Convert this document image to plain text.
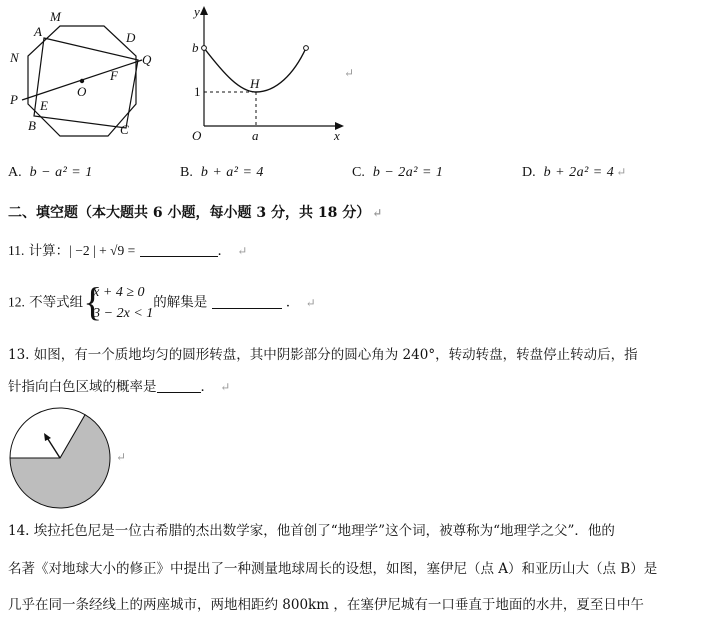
M
A	D
Q
N
F
O
P E
B	C
y
b
1
H
O	a	x
↵
A. b − a² = 1	B. b + a² = 4	C. b − 2a² = 1	D. b + 2a² = 4 ↵
二、填空题（本大题共 6 小题，每小题 3 分，共 18 分） ↵
11. 计算：| −2 | + √9 =	． ↵
12. 不等式组 {
x + 4 ≥ 0
3 − 2x < 1
的解集是	． ↵
13. 如图，有一个质地均匀的圆形转盘，其中阴影部分的圆心角为 240°，转动转盘，转盘停止转动后，指
针指向白色区域的概率是	． ↵
↵
14. 埃拉托色尼是一位古希腊的杰出数学家，他首创了“地理学”这个词，被尊称为“地理学之父”．他的
名著《对地球大小的修正》中提出了一种测量地球周长的设想，如图，塞伊尼（点 A）和亚历山大（点 B）是
几乎在同一条经线上的两座城市，两地相距约 800km ，在塞伊尼城有一口垂直于地面的水井，夏至日中午
